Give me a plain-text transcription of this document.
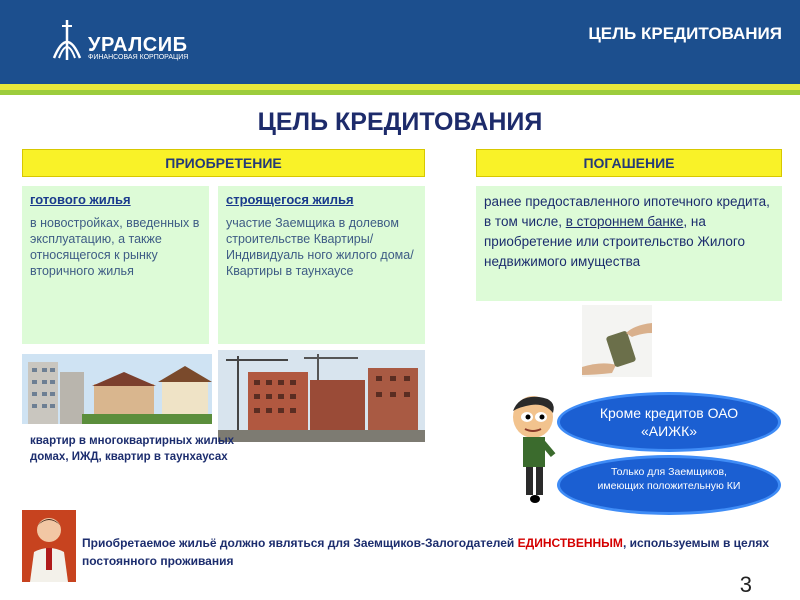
УРАЛСИБ
ФИНАНСОВАЯ КОРПОРАЦИЯ
ЦЕЛЬ КРЕДИТОВАНИЯ
ЦЕЛЬ КРЕДИТОВАНИЯ
ПРИОБРЕТЕНИЕ
готового жилья
в новостройках, введенных в эксплуатацию, а также относящегося к рынку вторичного жилья
строящегося жилья
участие Заемщика в долевом строительстве Квартиры/Индивидуаль ного жилого дома/Квартиры в таунхаусе
квартир в многоквартирных жилых домах, ИЖД, квартир в таунхаусах
ПОГАШЕНИЕ
ранее предоставленного ипотечного кредита, в том числе, в стороннем банке, на приобретение или строительство Жилого недвижимого имущества
Кроме кредитов ОАО «АИЖК»
Только для Заемщиков, имеющих положительную КИ
Приобретаемое жильё должно являться для Заемщиков-Залогодателей ЕДИНСТВЕННЫМ, используемым в целях постоянного проживания
3
